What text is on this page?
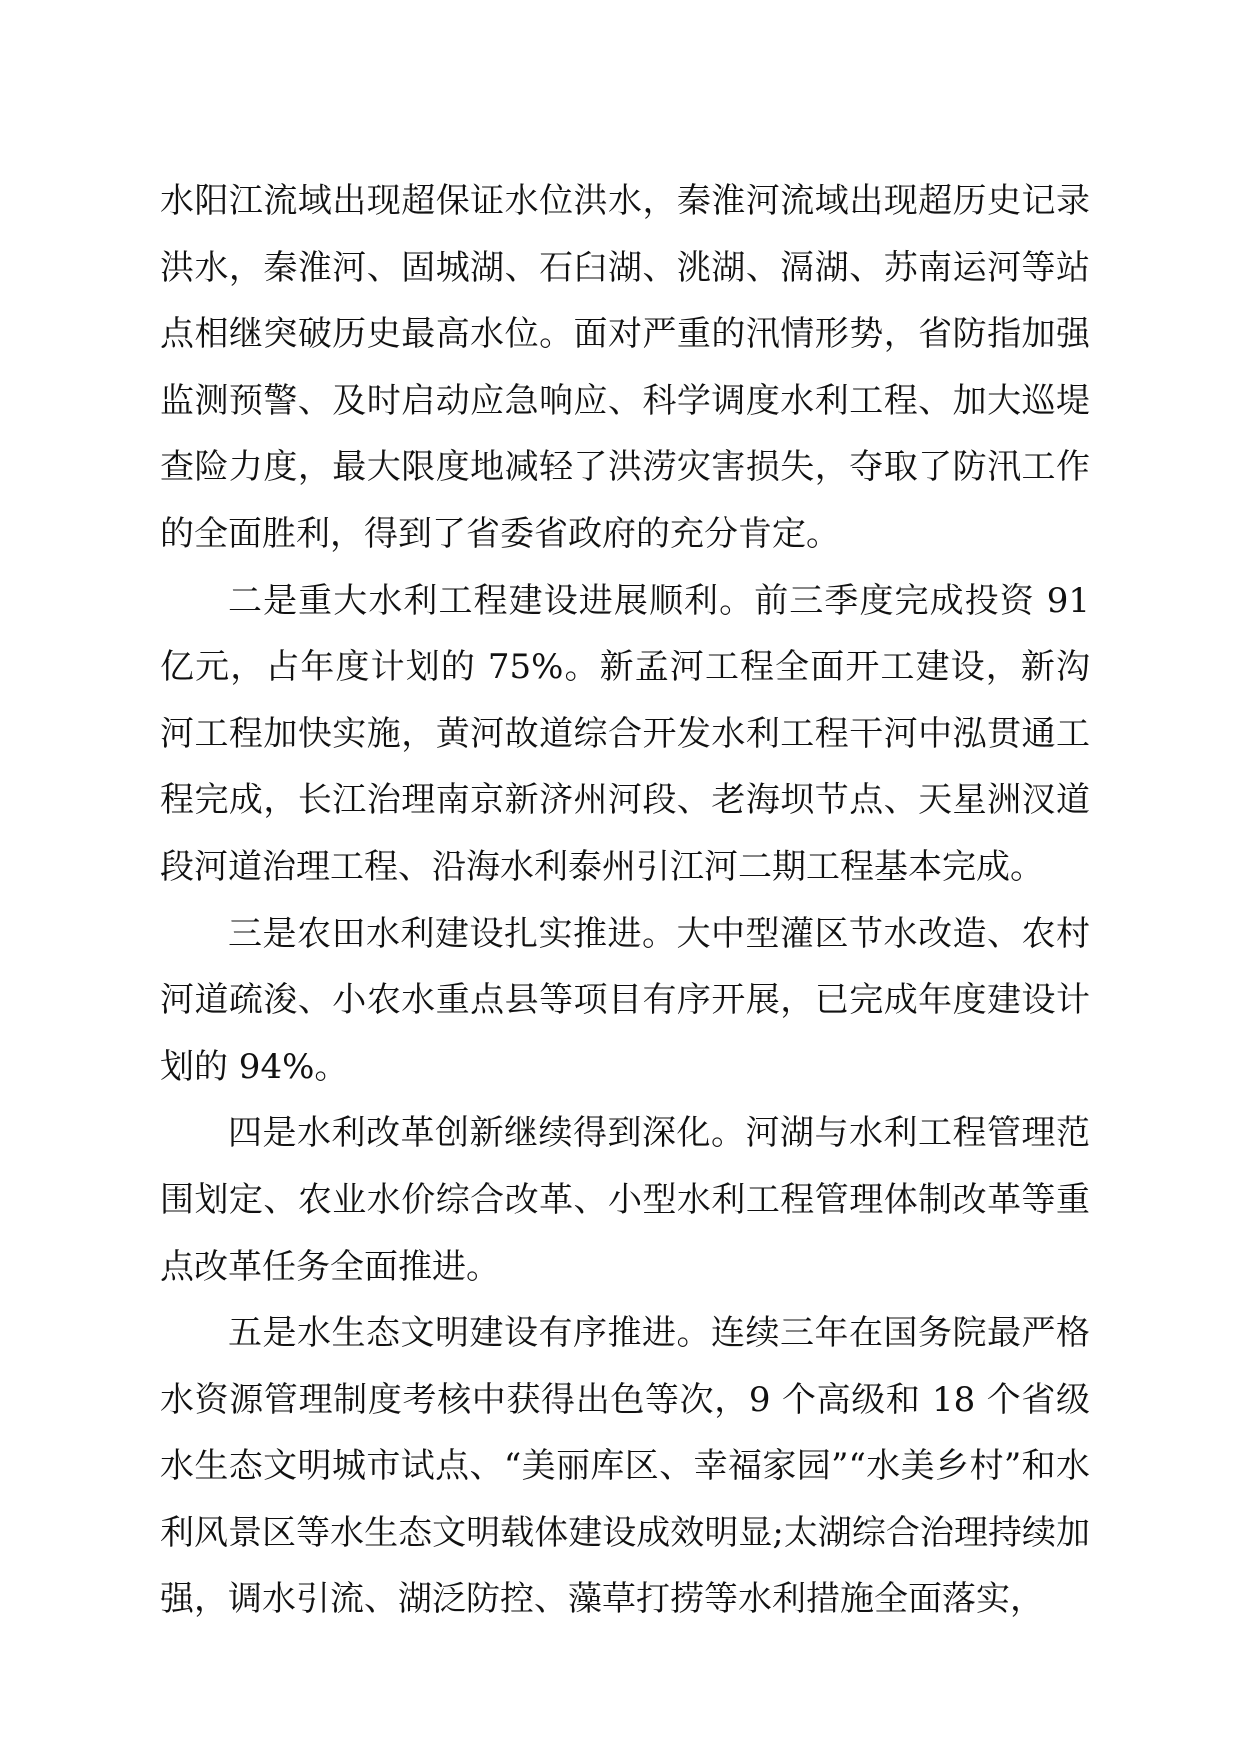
水阳江流域出现超保证水位洪水，秦淮河流域出现超历史记录洪水，秦淮河、固城湖、石臼湖、洮湖、滆湖、苏南运河等站点相继突破历史最高水位。面对严重的汛情形势，省防指加强监测预警、及时启动应急响应、科学调度水利工程、加大巡堤查险力度，最大限度地减轻了洪涝灾害损失，夺取了防汛工作的全面胜利，得到了省委省政府的充分肯定。

二是重大水利工程建设进展顺利。前三季度完成投资 91 亿元，占年度计划的 75%。新孟河工程全面开工建设，新沟河工程加快实施，黄河故道综合开发水利工程干河中泓贯通工程完成，长江治理南京新济州河段、老海坝节点、天星洲汊道段河道治理工程、沿海水利泰州引江河二期工程基本完成。

三是农田水利建设扎实推进。大中型灌区节水改造、农村河道疏浚、小农水重点县等项目有序开展，已完成年度建设计划的 94%。

四是水利改革创新继续得到深化。河湖与水利工程管理范围划定、农业水价综合改革、小型水利工程管理体制改革等重点改革任务全面推进。

五是水生态文明建设有序推进。连续三年在国务院最严格水资源管理制度考核中获得出色等次，9 个高级和 18 个省级水生态文明城市试点、“美丽库区、幸福家园”“水美乡村”和水利风景区等水生态文明载体建设成效明显;太湖综合治理持续加强，调水引流、湖泛防控、藻草打捞等水利措施全面落实，
